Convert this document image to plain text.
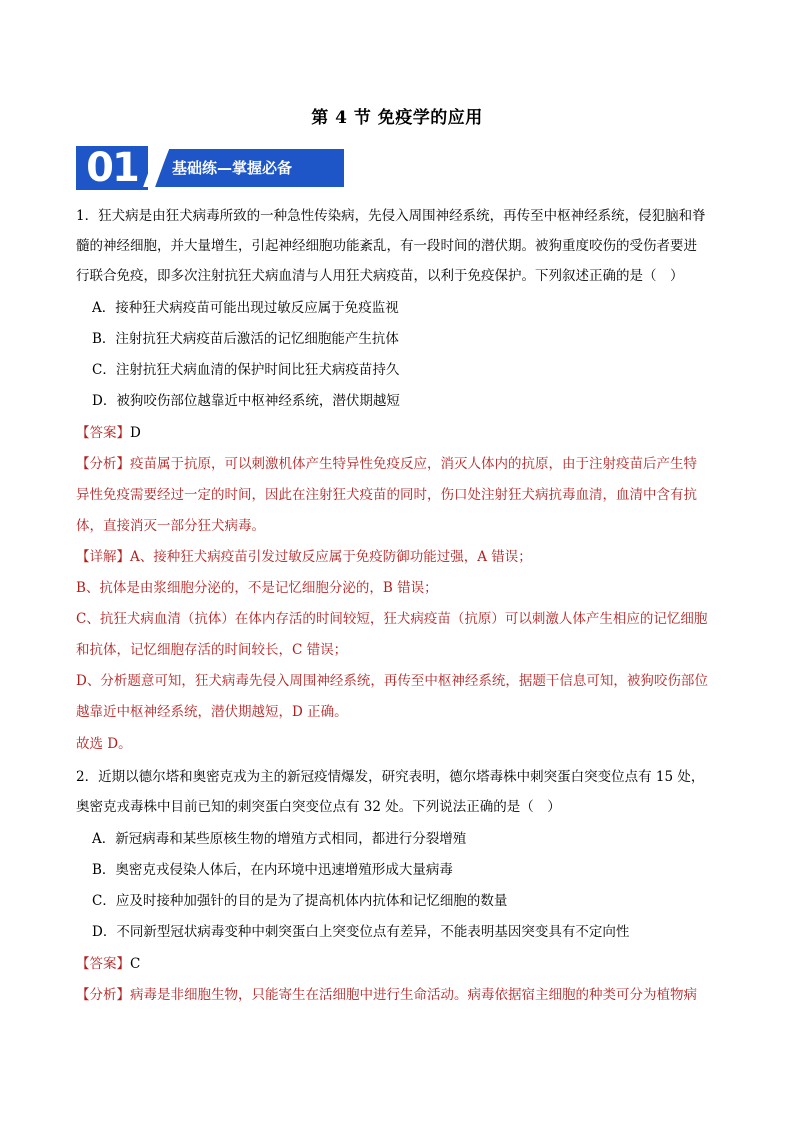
第 4 节 免疫学的应用
01	基础练—掌握必备
1．狂犬病是由狂犬病毒所致的一种急性传染病，先侵入周围神经系统，再传至中枢神经系统，侵犯脑和脊
髓的神经细胞，并大量增生，引起神经细胞功能紊乱，有一段时间的潜伏期。被狗重度咬伤的受伤者要进
行联合免疫，即多次注射抗狂犬病血清与人用狂犬病疫苗，以利于免疫保护。下列叙述正确的是（　）
A．接种狂犬病疫苗可能出现过敏反应属于免疫监视
B．注射抗狂犬病疫苗后激活的记忆细胞能产生抗体
C．注射抗狂犬病血清的保护时间比狂犬病疫苗持久
D．被狗咬伤部位越靠近中枢神经系统，潜伏期越短
【答案】D
【分析】疫苗属于抗原，可以刺激机体产生特异性免疫反应，消灭人体内的抗原，由于注射疫苗后产生特
异性免疫需要经过一定的时间，因此在注射狂犬疫苗的同时，伤口处注射狂犬病抗毒血清，血清中含有抗
体，直接消灭一部分狂犬病毒。
【详解】A、接种狂犬病疫苗引发过敏反应属于免疫防御功能过强，A 错误；
B、抗体是由浆细胞分泌的，不是记忆细胞分泌的，B 错误；
C、抗狂犬病血清（抗体）在体内存活的时间较短，狂犬病疫苗（抗原）可以刺激人体产生相应的记忆细胞
和抗体，记忆细胞存活的时间较长，C 错误；
D、分析题意可知，狂犬病毒先侵入周围神经系统，再传至中枢神经系统，据题干信息可知，被狗咬伤部位
越靠近中枢神经系统，潜伏期越短，D 正确。
故选 D。
2．近期以德尔塔和奥密克戎为主的新冠疫情爆发，研究表明，德尔塔毒株中刺突蛋白突变位点有 15 处，
奥密克戎毒株中目前已知的刺突蛋白突变位点有 32 处。下列说法正确的是（　）
A．新冠病毒和某些原核生物的增殖方式相同，都进行分裂增殖
B．奥密克戎侵染人体后，在内环境中迅速增殖形成大量病毒
C．应及时接种加强针的目的是为了提高机体内抗体和记忆细胞的数量
D．不同新型冠状病毒变种中刺突蛋白上突变位点有差异，不能表明基因突变具有不定向性
【答案】C
【分析】病毒是非细胞生物，只能寄生在活细胞中进行生命活动。病毒依据宿主细胞的种类可分为植物病
